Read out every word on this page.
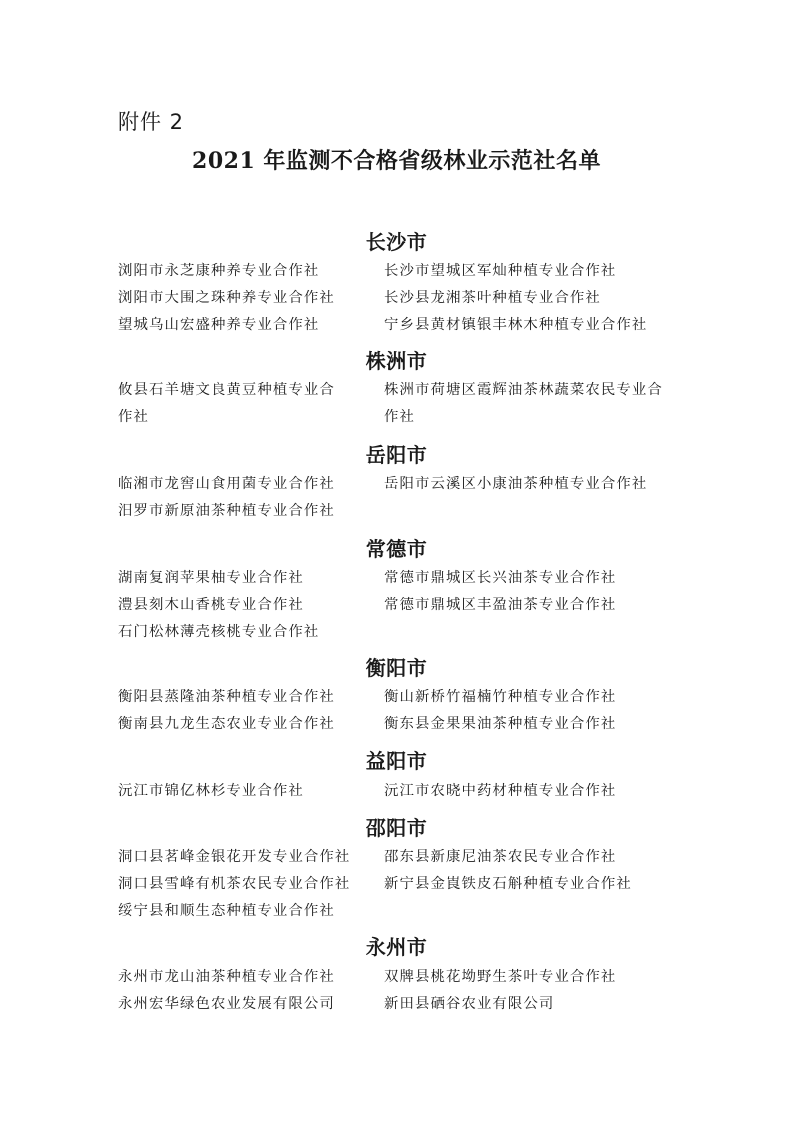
附件 2
2021 年监测不合格省级林业示范社名单
长沙市
浏阳市永芝康种养专业合作社	长沙市望城区军灿种植专业合作社
浏阳市大围之珠种养专业合作社	长沙县龙湘茶叶种植专业合作社
望城乌山宏盛种养专业合作社	宁乡县黄材镇银丰林木种植专业合作社
株洲市
攸县石羊塘文良黄豆种植专业合	株洲市荷塘区霞辉油茶林蔬菜农民专业合
作社	作社
岳阳市
临湘市龙窖山食用菌专业合作社	岳阳市云溪区小康油茶种植专业合作社
汨罗市新原油茶种植专业合作社
常德市
湖南复润苹果柚专业合作社	常德市鼎城区长兴油茶专业合作社
澧县刻木山香桃专业合作社	常德市鼎城区丰盈油茶专业合作社
石门松林薄壳核桃专业合作社
衡阳市
衡阳县蒸隆油茶种植专业合作社	衡山新桥竹福楠竹种植专业合作社
衡南县九龙生态农业专业合作社	衡东县金果果油茶种植专业合作社
益阳市
沅江市锦亿林杉专业合作社	沅江市农晓中药材种植专业合作社
邵阳市
洞口县茗峰金银花开发专业合作社 邵东县新康尼油茶农民专业合作社
洞口县雪峰有机茶农民专业合作社 新宁县金崀铁皮石斛种植专业合作社
绥宁县和顺生态种植专业合作社
永州市
永州市龙山油茶种植专业合作社	双牌县桃花坳野生茶叶专业合作社
永州宏华绿色农业发展有限公司	新田县硒谷农业有限公司
